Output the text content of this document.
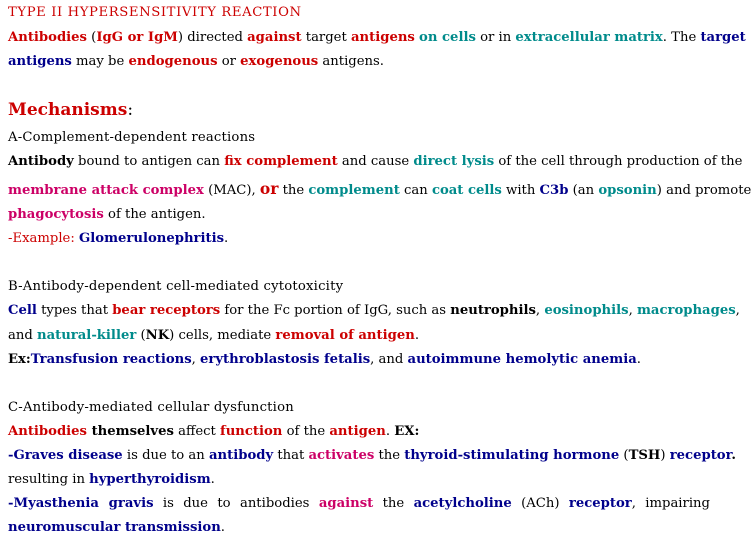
TYPE II HYPERSENSITIVITY REACTION
Antibodies (IgG or IgM) directed against target antigens on cells or in extracellular matrix. The target
antigens may be endogenous or exogenous antigens.
Mechanisms:
A-Complement-dependent reactions
Antibody bound to antigen can fix complement and cause direct lysis of the cell through production of the
membrane attack complex (MAC), or the complement can coat cells with C3b (an opsonin) and promote
phagocytosis of the antigen.
-Example: Glomerulonephritis.
B-Antibody-dependent cell-mediated cytotoxicity
Cell types that bear receptors for the Fc portion of IgG, such as neutrophils, eosinophils, macrophages,
and natural-killer (NK) cells, mediate removal of antigen.
Ex:Transfusion reactions, erythroblastosis fetalis, and autoimmune hemolytic anemia.
C-Antibody-mediated cellular dysfunction
Antibodies themselves affect function of the antigen. EX:
-Graves disease is due to an antibody that activates the thyroid-stimulating hormone (TSH) receptor.
resulting in hyperthyroidism.
-Myasthenia gravis is due to antibodies against the acetylcholine (ACh) receptor, impairing
neuromuscular transmission.
